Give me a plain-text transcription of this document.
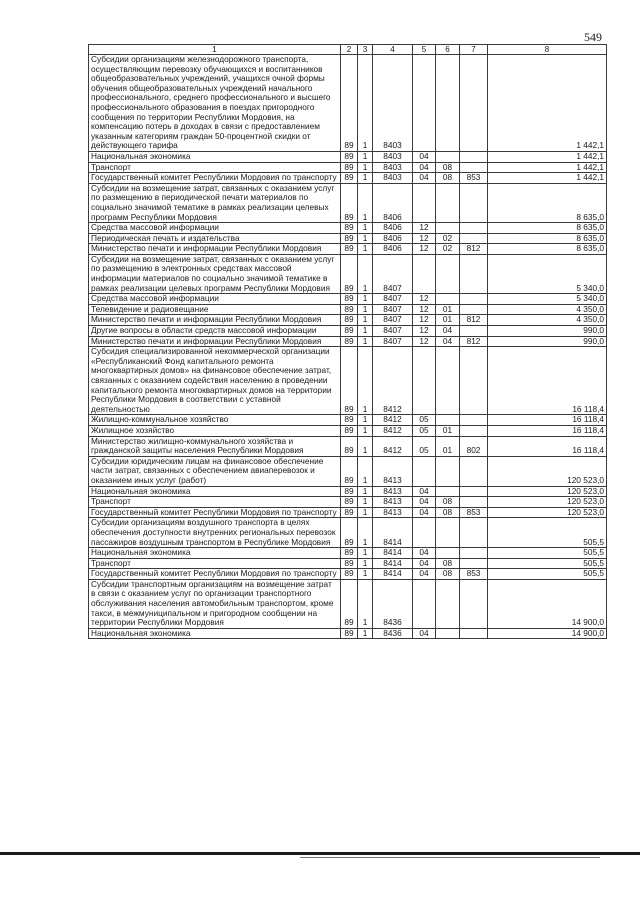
549
1	2	3	4	5	6	7	8
Субсидии организациям железнодорожного транспорта, осуществляющим перевозку обучающихся и воспитанников общеобразовательных учреждений, учащихся очной формы обучения общеобразовательных учреждений начального профессионального, среднего профессионального и высшего профессионального образования в поездах пригородного сообщения по территории Республики Мордовия, на компенсацию потерь в доходах в связи с предоставлением указанным категориям граждан 50-процентной скидки от действующего тарифа	89	1	8403				1 442,1
Национальная экономика	89	1	8403	04			1 442,1
Транспорт	89	1	8403	04	08		1 442,1
Государственный комитет Республики Мордовия по транспорту	89	1	8403	04	08	853	1 442,1
Субсидии на возмещение затрат, связанных с оказанием услуг по размещению в периодической печати материалов по социально значимой тематике в рамках реализации целевых программ Республики Мордовия	89	1	8406				8 635,0
Средства массовой информации	89	1	8406	12			8 635,0
Периодическая печать и издательства	89	1	8406	12	02		8 635,0
Министерство печати и информации Республики Мордовия	89	1	8406	12	02	812	8 635,0
Субсидии на возмещение затрат, связанных с оказанием услуг по размещению в электронных средствах массовой информации материалов по социально значимой тематике в рамках реализации целевых программ Республики Мордовия	89	1	8407				5 340,0
Средства массовой информации	89	1	8407	12			5 340,0
Телевидение и радиовещание	89	1	8407	12	01		4 350,0
Министерство печати и информации Республики Мордовия	89	1	8407	12	01	812	4 350,0
Другие вопросы в области средств массовой информации	89	1	8407	12	04		990,0
Министерство печати и информации Республики Мордовия	89	1	8407	12	04	812	990,0
Субсидия специализированной некоммерческой организации «Республиканский Фонд капитального ремонта многоквартирных домов» на финансовое обеспечение затрат, связанных с оказанием содействия населению в проведении капитального ремонта многоквартирных домов на территории Республики Мордовия в соответствии с уставной деятельностью	89	1	8412				16 118,4
Жилищно-коммунальное хозяйство	89	1	8412	05			16 118,4
Жилищное хозяйство	89	1	8412	05	01		16 118,4
Министерство жилищно-коммунального хозяйства и гражданской защиты населения Республики Мордовия	89	1	8412	05	01	802	16 118,4
Субсидии юридическим лицам на финансовое обеспечение части затрат, связанных с обеспечением авиаперевозок и оказанием иных услуг (работ)	89	1	8413				120 523,0
Национальная экономика	89	1	8413	04			120 523,0
Транспорт	89	1	8413	04	08		120 523,0
Государственный комитет Республики Мордовия по транспорту	89	1	8413	04	08	853	120 523,0
Субсидии организациям воздушного транспорта в целях обеспечения доступности внутренних региональных перевозок пассажиров воздушным транспортом в Республике Мордовия	89	1	8414				505,5
Национальная экономика	89	1	8414	04			505,5
Транспорт	89	1	8414	04	08		505,5
Государственный комитет Республики Мордовия по транспорту	89	1	8414	04	08	853	505,5
Субсидии транспортным организациям на возмещение затрат в связи с оказанием услуг по организации транспортного обслуживания населения автомобильным транспортом, кроме такси, в межмуниципальном и пригородном сообщении на территории Республики Мордовия	89	1	8436				14 900,0
Национальная экономика	89	1	8436	04			14 900,0
